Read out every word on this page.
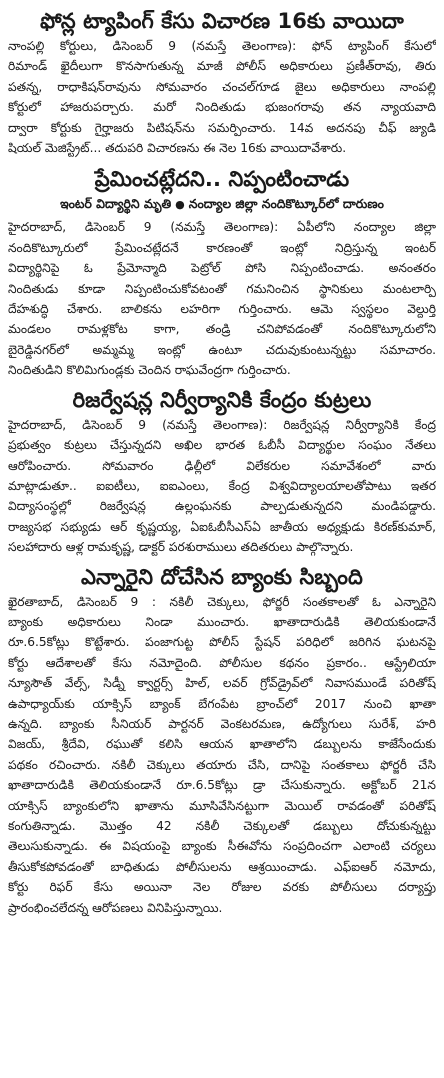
ఫోన్ల ట్యాపింగ్ కేసు విచారణ 16కు వాయిదా
నాంపల్లి కోర్టులు, డిసెంబర్ 9 (నమస్తే తెలంగాణ): ఫోన్ ట్యాపింగ్ కేసులో
రిమాండ్ ఖైదీలుగా కొనసాగుతున్న మాజీ పోలీస్ అధికారులు ప్రణీత్‌రావు, తిరు
పతన్న, రాధాకిషన్‌రావును సోమవారం చంచల్‌గూడ జైలు అధికారులు నాంపల్లి
కోర్టులో హాజరుపర్చారు. మరో నిందితుడు భుజంగరావు తన న్యాయవాది
ద్వారా కోర్టుకు గైర్హాజరు పిటిషన్‌ను సమర్పించారు. 14వ అదనపు చీఫ్ జ్యుడి
షియల్ మెజిస్ట్రేట్... తదుపరి విచారణను ఈ నెల 16కు వాయిదావేశారు.
ప్రేమించట్లేదని.. నిప్పంటించాడు
ఇంటర్ విద్యార్థిని మృతి ● నంద్యాల జిల్లా నందికొట్కూర్‌లో దారుణం
హైదరాబాద్, డిసెంబర్ 9 (నమస్తే తెలంగాణ): ఏపీలోని నంద్యాల జిల్లా
నందికొట్కూరులో ప్రేమించట్లేదనే కారణంతో ఇంట్లో నిద్రిస్తున్న ఇంటర్
విద్యార్థినిపై ఓ ప్రేమోన్మాది పెట్రోల్ పోసి నిప్పంటించాడు. అనంతరం
నిందితుడు కూడా నిప్పంటించుకోవటంతో గమనించిన స్థానికులు మంటలార్పి
దేహశుద్ధి చేశారు. బాలికను లహరిగా గుర్తించారు. ఆమె స్వస్థలం వెల్దుర్తి
మండలం రామళ్లకోట కాగా, తండ్రి చనిపోవడంతో నందికొట్కూరులోని
బైరెడ్డినగర్‌లో అమ్మమ్మ ఇంట్లో ఉంటూ చదువుకుంటున్నట్టు సమాచారం.
నిందితుడిని కొలిమిగుండ్లకు చెందిన రాఘవేంద్రగా గుర్తించారు.
రిజర్వేషన్ల నిర్వీర్యానికి కేంద్రం కుట్రలు
హైదరాబాద్, డిసెంబర్ 9 (నమస్తే తెలంగాణ): రిజర్వేషన్ల నిర్వీర్యానికి కేంద్ర
ప్రభుత్వం కుట్రలు చేస్తున్నదని అఖిల భారత ఓబీసీ విద్యార్థుల సంఘం నేతలు
ఆరోపించారు. సోమవారం ఢిల్లీలో విలేకరుల సమావేశంలో వారు
మాట్లాడుతూ.. ఐఐటీలు, ఐఐఎంలు, కేంద్ర విశ్వవిద్యాలయాలతోపాటు ఇతర
విద్యాసంస్థల్లో రిజర్వేషన్ల ఉల్లంఘనకు పాల్పడుతున్నదని మండిపడ్డారు.
రాజ్యసభ సభ్యుడు ఆర్ కృష్ణయ్య, ఏఐఓబీసీఎస్ఏ జాతీయ అధ్యక్షుడు కిరణ్‌కుమార్,
సలహాదారు ఆళ్ల రామకృష్ణ, డాక్టర్ పరశురాములు తదితరులు పాల్గొన్నారు.
ఎన్నారైని దోచేసిన బ్యాంకు సిబ్బంది
ఖైరతాబాద్, డిసెంబర్ 9 : నకిలీ చెక్కులు, ఫోర్జరీ సంతకాలతో ఓ ఎన్నారైని
బ్యాంకు అధికారులు నిండా ముంచారు. ఖాతాదారుడికి తెలియకుండానే
రూ.6.5కోట్లు కొట్టేశారు. పంజాగుట్ట పోలీస్ స్టేషన్ పరిధిలో జరిగిన ఘటనపై
కోర్టు ఆదేశాలతో కేసు నమోదైంది. పోలీసుల కథనం ప్రకారం.. ఆస్ట్రేలియా
న్యూసౌత్ వేల్స్, సిడ్నీ క్వార్టర్స్ హిల్, లవర్ గ్రోవ్‌డ్రైవ్‌లో నివాసముండే పరితోష్
ఉపాధ్యాయ్‌కు యాక్సిస్ బ్యాంక్ బేగంపేట బ్రాంచ్‌లో 2017 నుంచి ఖాతా
ఉన్నది. బ్యాంకు సీనియర్ పార్టనర్ వెంకటరమణ, ఉద్యోగులు సురేశ్, హరి
విజయ్, శ్రీదేవి, రఘుతో కలిసి ఆయన ఖాతాలోని డబ్బులను కాజేసేందుకు
పథకం రచించారు. నకిలీ చెక్కులు తయారు చేసి, దానిపై సంతకాలు ఫోర్జరీ చేసి
ఖాతాదారుడికి తెలియకుండానే రూ.6.5కోట్లు డ్రా చేసుకున్నారు. అక్టోబర్ 21న
యాక్సిస్ బ్యాంకులోని ఖాతాను మూసివేసినట్టుగా మెయిల్ రావడంతో పరితోష్
కంగుతిన్నాడు. మొత్తం 42 నకిలీ చెక్కులతో డబ్బులు దోచుకున్నట్టు
తెలుసుకున్నాడు. ఈ విషయంపై బ్యాంకు సీఈవోను సంప్రదించగా ఎలాంటి చర్యలు
తీసుకోకపోవడంతో బాధితుడు పోలీసులను ఆశ్రయించాడు. ఎఫ్ఐఆర్ నమోదు,
కోర్టు రిఫర్ కేసు అయినా నెల రోజుల వరకు పోలీసులు దర్యాప్తు
ప్రారంభించలేదన్న ఆరోపణలు వినిపిస్తున్నాయి.
